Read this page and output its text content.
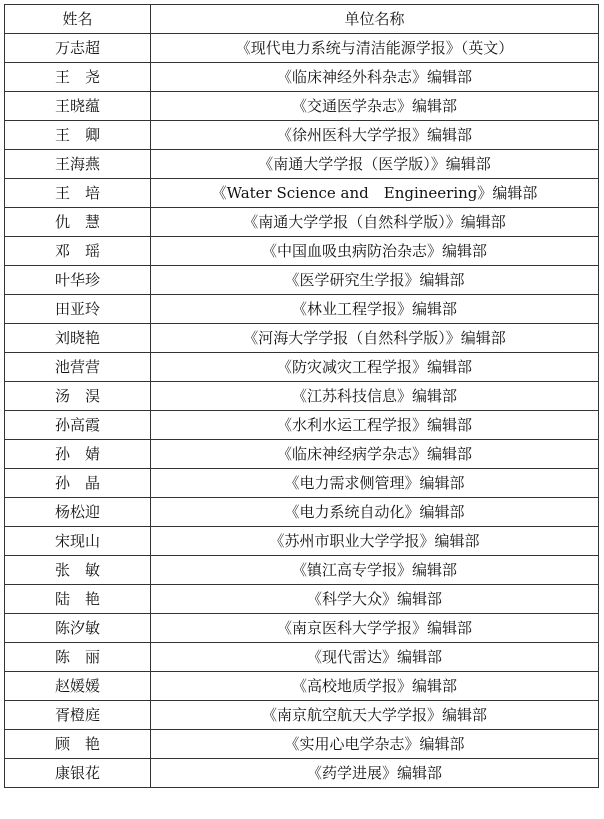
姓名	单位名称
万志超	《现代电力系统与清洁能源学报》（英文）
王　尧	《临床神经外科杂志》编辑部
王晓蕴	《交通医学杂志》编辑部
王　卿	《徐州医科大学学报》编辑部
王海燕	《南通大学学报（医学版）》编辑部
王　培	《Water Science and　Engineering》编辑部
仇　慧	《南通大学学报（自然科学版）》编辑部
邓　瑶	《中国血吸虫病防治杂志》编辑部
叶华珍	《医学研究生学报》编辑部
田亚玲	《林业工程学报》编辑部
刘晓艳	《河海大学学报（自然科学版）》编辑部
池营营	《防灾减灾工程学报》编辑部
汤　淏	《江苏科技信息》编辑部
孙高霞	《水利水运工程学报》编辑部
孙　婧	《临床神经病学杂志》编辑部
孙　晶	《电力需求侧管理》编辑部
杨松迎	《电力系统自动化》编辑部
宋现山	《苏州市职业大学学报》编辑部
张　敏	《镇江高专学报》编辑部
陆　艳	《科学大众》编辑部
陈汐敏	《南京医科大学学报》编辑部
陈　丽	《现代雷达》编辑部
赵媛媛	《高校地质学报》编辑部
胥橙庭	《南京航空航天大学学报》编辑部
顾　艳	《实用心电学杂志》编辑部
康银花	《药学进展》编辑部
